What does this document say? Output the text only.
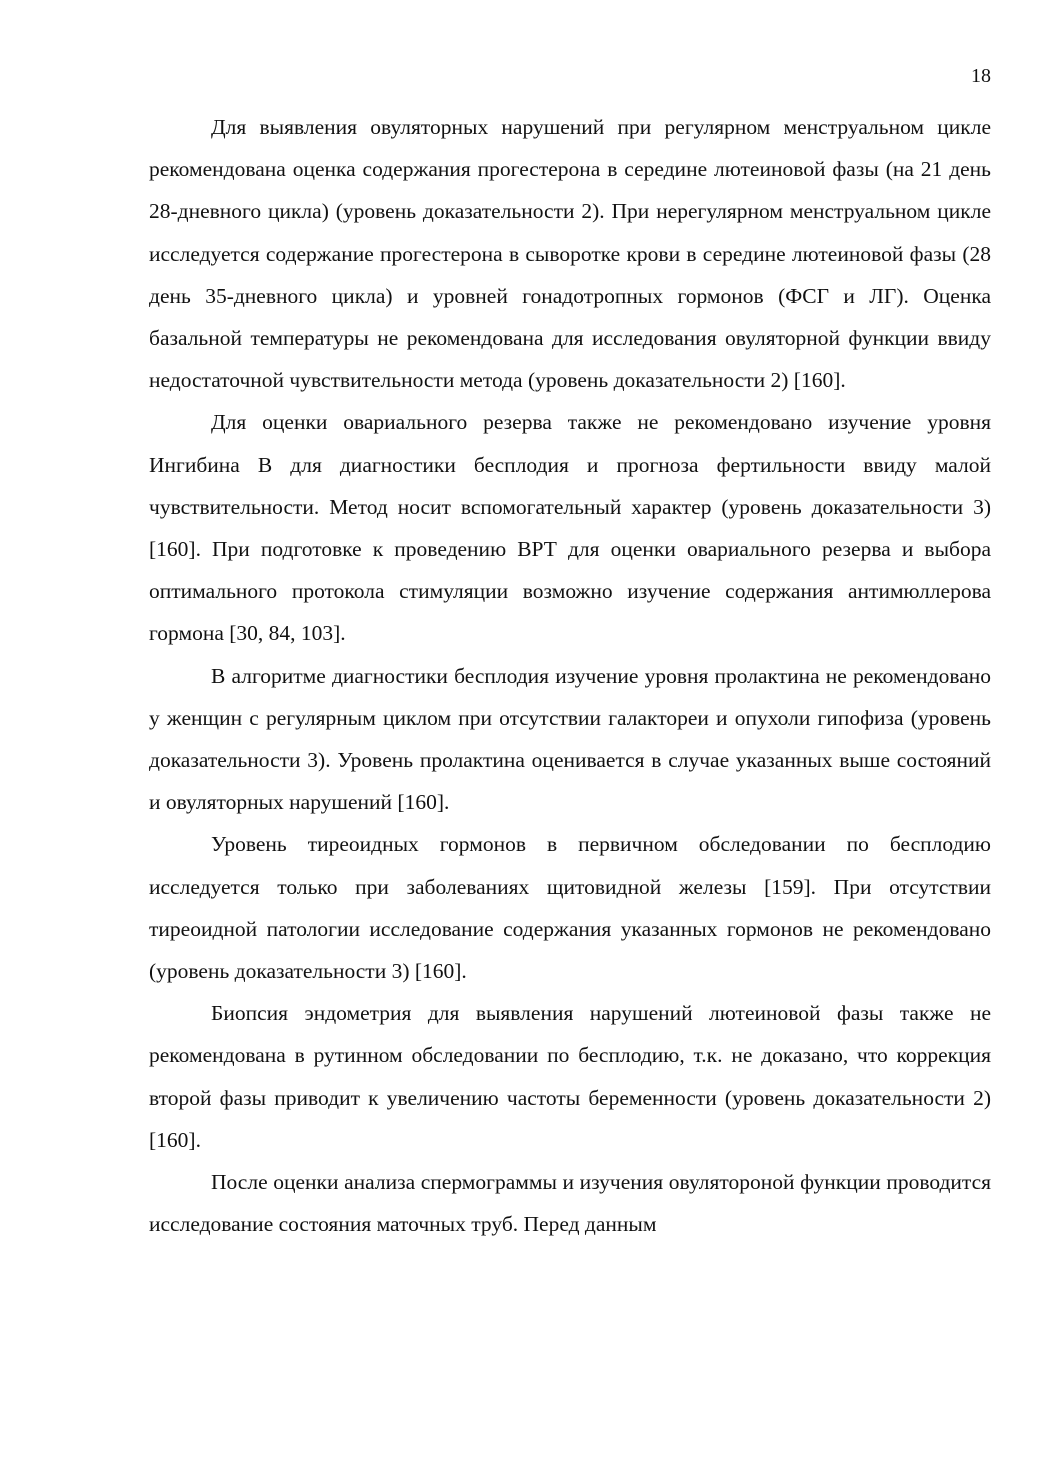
18

Для выявления овуляторных нарушений при регулярном менструальном цикле рекомендована оценка содержания прогестерона в середине лютеиновой фазы (на 21 день 28-дневного цикла) (уровень доказательности 2). При нерегулярном менструальном цикле исследуется содержание прогестерона в сыворотке крови в середине лютеиновой фазы (28 день 35-дневного цикла) и уровней гонадотропных гормонов (ФСГ и ЛГ). Оценка базальной температуры не рекомендована для исследования овуляторной функции ввиду недостаточной чувствительности метода (уровень доказательности 2) [160].

Для оценки овариального резерва также не рекомендовано изучение уровня Ингибина В для диагностики бесплодия и прогноза фертильности ввиду малой чувствительности. Метод носит вспомогательный характер (уровень доказательности 3) [160]. При подготовке к проведению ВРТ для оценки овариального резерва и выбора оптимального протокола стимуляции возможно изучение содержания антимюллерова гормона [30, 84, 103].

В алгоритме диагностики бесплодия изучение уровня пролактина не рекомендовано у женщин с регулярным циклом при отсутствии галактореи и опухоли гипофиза (уровень доказательности 3). Уровень пролактина оценивается в случае указанных выше состояний и овуляторных нарушений [160].

Уровень тиреоидных гормонов в первичном обследовании по бесплодию исследуется только при заболеваниях щитовидной железы [159]. При отсутствии тиреоидной патологии исследование содержания указанных гормонов не рекомендовано (уровень доказательности 3) [160].

Биопсия эндометрия для выявления нарушений лютеиновой фазы также не рекомендована в рутинном обследовании по бесплодию, т.к. не доказано, что коррекция второй фазы приводит к увеличению частоты беременности (уровень доказательности 2) [160].

После оценки анализа спермограммы и изучения овуляторoной функции проводится исследование состояния маточных труб. Перед данным
